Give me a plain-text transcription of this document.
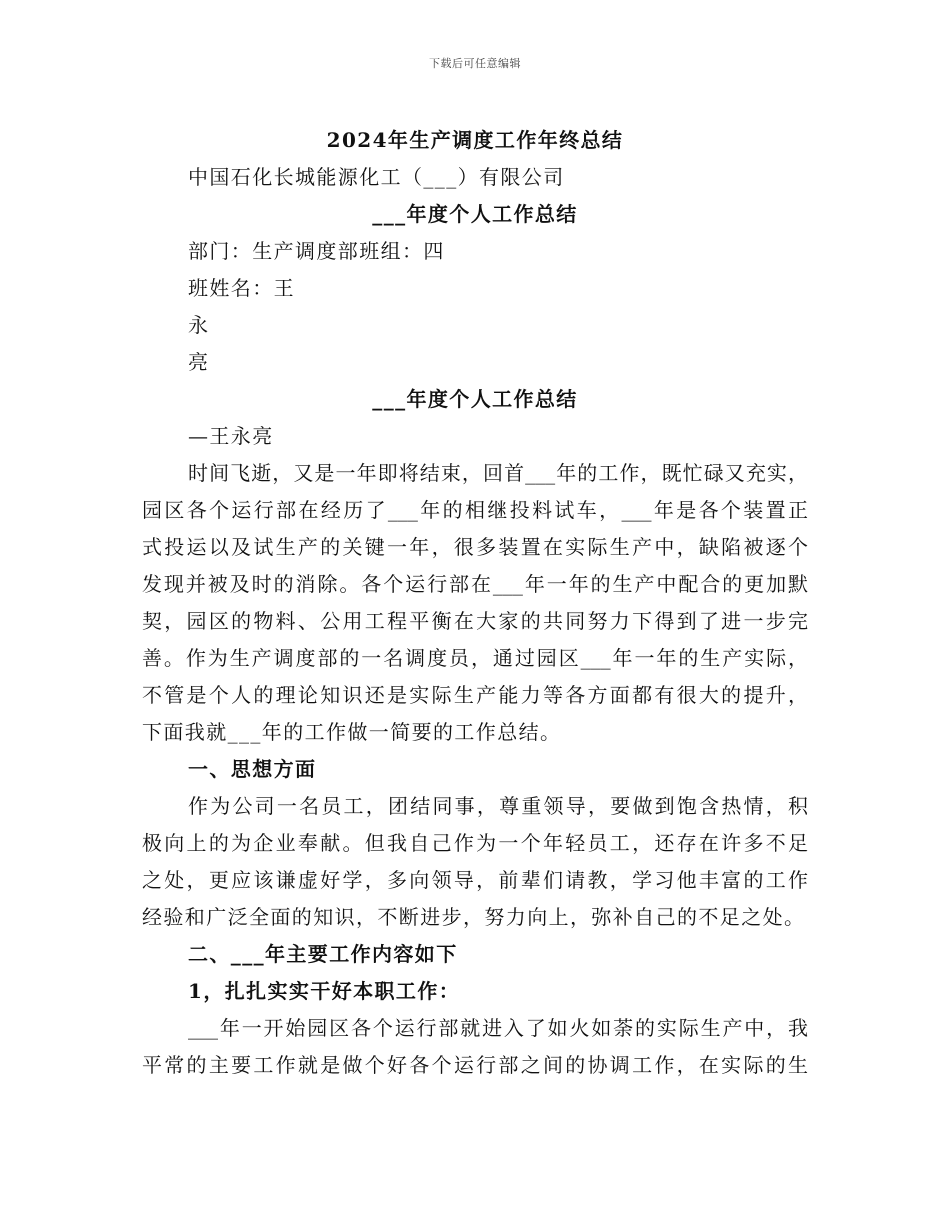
下载后可任意编辑
2024年生产调度工作年终总结
中国石化长城能源化工（___）有限公司
___年度个人工作总结
部门：生产调度部班组：四
班姓名：王
永
亮
___年度个人工作总结
—王永亮
时间飞逝，又是一年即将结束，回首___年的工作，既忙碌又充实，
园区各个运行部在经历了___年的相继投料试车，___年是各个装置正
式投运以及试生产的关键一年，很多装置在实际生产中，缺陷被逐个
发现并被及时的消除。各个运行部在___年一年的生产中配合的更加默
契，园区的物料、公用工程平衡在大家的共同努力下得到了进一步完
善。作为生产调度部的一名调度员，通过园区___年一年的生产实际，
不管是个人的理论知识还是实际生产能力等各方面都有很大的提升，
下面我就___年的工作做一简要的工作总结。
一、思想方面
作为公司一名员工，团结同事，尊重领导，要做到饱含热情，积
极向上的为企业奉献。但我自己作为一个年轻员工，还存在许多不足
之处，更应该谦虚好学，多向领导，前辈们请教，学习他丰富的工作
经验和广泛全面的知识，不断进步，努力向上，弥补自己的不足之处。
二、___年主要工作内容如下
1，扎扎实实干好本职工作：
___年一开始园区各个运行部就进入了如火如荼的实际生产中，我
平常的主要工作就是做个好各个运行部之间的协调工作，在实际的生
